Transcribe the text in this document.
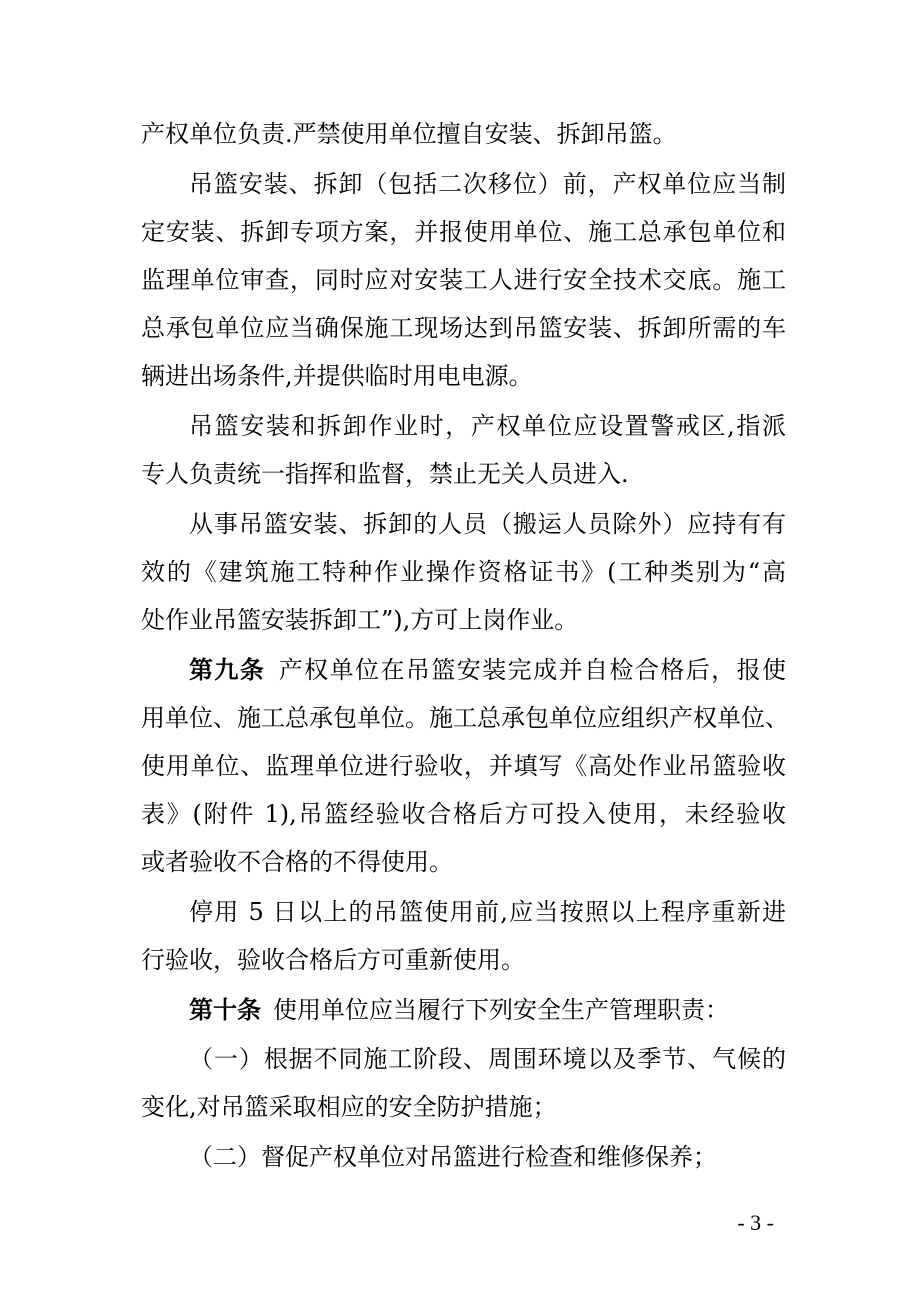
产权单位负责.严禁使用单位擅自安装、拆卸吊篮。
吊篮安装、拆卸（包括二次移位）前，产权单位应当制
定安装、拆卸专项方案，并报使用单位、施工总承包单位和
监理单位审查，同时应对安装工人进行安全技术交底。施工
总承包单位应当确保施工现场达到吊篮安装、拆卸所需的车
辆进出场条件,并提供临时用电电源。
吊篮安装和拆卸作业时，产权单位应设置警戒区,指派
专人负责统一指挥和监督，禁止无关人员进入.
从事吊篮安装、拆卸的人员（搬运人员除外）应持有有
效的《建筑施工特种作业操作资格证书》(工种类别为“高
处作业吊篮安装拆卸工”),方可上岗作业。
第九条  产权单位在吊篮安装完成并自检合格后，报使
用单位、施工总承包单位。施工总承包单位应组织产权单位、
使用单位、监理单位进行验收，并填写《高处作业吊篮验收
表》(附件 1),吊篮经验收合格后方可投入使用，未经验收
或者验收不合格的不得使用。
停用 5 日以上的吊篮使用前,应当按照以上程序重新进
行验收，验收合格后方可重新使用。
第十条  使用单位应当履行下列安全生产管理职责：
（一）根据不同施工阶段、周围环境以及季节、气候的
变化,对吊篮采取相应的安全防护措施；
（二）督促产权单位对吊篮进行检查和维修保养；
- 3 -
